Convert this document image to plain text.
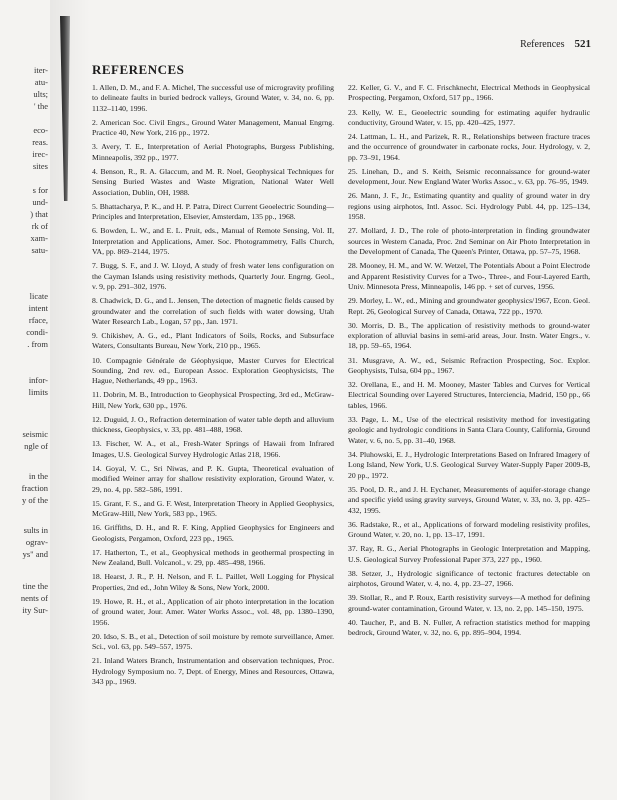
iter-
atu-
ults;
' the
eco-
reas.
irec-
sites
s for
und-
) that
rk of
xam-
satu-
licate
intent
rface,
condi-
. from
infor-
limits
seismic
ngle of
in the
fraction
y of the
sults in
ograv-
ys" and
tine the
nents of
ity Sur-
References 521
REFERENCES

1. Allen, D. M., and F. A. Michel, The successful use of microgravity profiling to delineate faults in buried bedrock valleys, Ground Water, v. 34, no. 6, pp. 1132–1140, 1996.

2. American Soc. Civil Engrs., Ground Water Management, Manual Engrng. Practice 40, New York, 216 pp., 1972.

3. Avery, T. E., Interpretation of Aerial Photographs, Burgess Publishing, Minneapolis, 392 pp., 1977.

4. Benson, R., R. A. Glaccum, and M. R. Noel, Geophysical Techniques for Sensing Buried Wastes and Waste Migration, National Water Well Association, Dublin, OH, 1988.

5. Bhattacharya, P. K., and H. P. Patra, Direct Current Geoelectric Sounding—Principles and Interpretation, Elsevier, Amsterdam, 135 pp., 1968.

6. Bowden, L. W., and E. L. Pruit, eds., Manual of Remote Sensing, Vol. II, Interpretation and Applications, Amer. Soc. Photogrammetry, Falls Church, VA, pp. 869–2144, 1975.

7. Bugg, S. F., and J. W. Lloyd, A study of fresh water lens configuration on the Cayman Islands using resistivity methods, Quarterly Jour. Engrng. Geol., v. 9, pp. 291–302, 1976.

8. Chadwick, D. G., and L. Jensen, The detection of magnetic fields caused by groundwater and the correlation of such fields with water dowsing, Utah Water Research Lab., Logan, 57 pp., Jan. 1971.

9. Chikishev, A. G., ed., Plant Indicators of Soils, Rocks, and Subsurface Waters, Consultants Bureau, New York, 210 pp., 1965.

10. Compagnie Générale de Géophysique, Master Curves for Electrical Sounding, 2nd rev. ed., European Assoc. Exploration Geophysicists, The Hague, Netherlands, 49 pp., 1963.

11. Dobrin, M. B., Introduction to Geophysical Prospecting, 3rd ed., McGraw-Hill, New York, 630 pp., 1976.

12. Duguid, J. O., Refraction determination of water table depth and alluvium thickness, Geophysics, v. 33, pp. 481–488, 1968.

13. Fischer, W. A., et al., Fresh-Water Springs of Hawaii from Infrared Images, U.S. Geological Survey Hydrologic Atlas 218, 1966.

14. Goyal, V. C., Sri Niwas, and P. K. Gupta, Theoretical evaluation of modified Weiner array for shallow resistivity exploration, Ground Water, v. 29, no. 4, pp. 582–586, 1991.

15. Grant, F. S., and G. F. West, Interpretation Theory in Applied Geophysics, McGraw-Hill, New York, 583 pp., 1965.

16. Griffiths, D. H., and R. F. King, Applied Geophysics for Engineers and Geologists, Pergamon, Oxford, 223 pp., 1965.

17. Hatherton, T., et al., Geophysical methods in geothermal prospecting in New Zealand, Bull. Volcanol., v. 29, pp. 485–498, 1966.

18. Hearst, J. R., P. H. Nelson, and F. L. Paillet, Well Logging for Physical Properties, 2nd ed., John Wiley & Sons, New York, 2000.

19. Howe, R. H., et al., Application of air photo interpretation in the location of ground water, Jour. Amer. Water Works Assoc., vol. 48, pp. 1380–1390, 1956.

20. Idso, S. B., et al., Detection of soil moisture by remote surveillance, Amer. Sci., vol. 63, pp. 549–557, 1975.

21. Inland Waters Branch, Instrumentation and observation techniques, Proc. Hydrology Symposium no. 7, Dept. of Energy, Mines and Resources, Ottawa, 343 pp., 1969.

22. Keller, G. V., and F. C. Frischknecht, Electrical Methods in Geophysical Prospecting, Pergamon, Oxford, 517 pp., 1966.

23. Kelly, W. E., Geoelectric sounding for estimating aquifer hydraulic conductivity, Ground Water, v. 15, pp. 420–425, 1977.

24. Lattman, L. H., and Parizek, R. R., Relationships between fracture traces and the occurrence of groundwater in carbonate rocks, Jour. Hydrology, v. 2, pp. 73–91, 1964.

25. Linehan, D., and S. Keith, Seismic reconnaissance for ground-water development, Jour. New England Water Works Assoc., v. 63, pp. 76–95, 1949.

26. Mann, J. F., Jr., Estimating quantity and quality of ground water in dry regions using airphotos, Intl. Assoc. Sci. Hydrology Publ. 44, pp. 125–134, 1958.

27. Mollard, J. D., The role of photo-interpretation in finding groundwater sources in Western Canada, Proc. 2nd Seminar on Air Photo Interpretation in the Development of Canada, The Queen's Printer, Ottawa, pp. 57–75, 1968.

28. Mooney, H. M., and W. W. Wetzel, The Potentials About a Point Electrode and Apparent Resistivity Curves for a Two-, Three-, and Four-Layered Earth, Univ. Minnesota Press, Minneapolis, 146 pp. + set of curves, 1956.

29. Morley, L. W., ed., Mining and groundwater geophysics/1967, Econ. Geol. Rept. 26, Geological Survey of Canada, Ottawa, 722 pp., 1970.

30. Morris, D. B., The application of resistivity methods to ground-water exploration of alluvial basins in semi-arid areas, Jour. Instn. Water Engrs., v. 18, pp. 59–65, 1964.

31. Musgrave, A. W., ed., Seismic Refraction Prospecting, Soc. Explor. Geophysists, Tulsa, 604 pp., 1967.

32. Orellana, E., and H. M. Mooney, Master Tables and Curves for Vertical Electrical Sounding over Layered Structures, Interciencia, Madrid, 150 pp., 66 tables, 1966.

33. Page, L. M., Use of the electrical resistivity method for investigating geologic and hydrologic conditions in Santa Clara County, California, Ground Water, v. 6, no. 5, pp. 31–40, 1968.

34. Pluhowski, E. J., Hydrologic Interpretations Based on Infrared Imagery of Long Island, New York, U.S. Geological Survey Water-Supply Paper 2009-B, 20 pp., 1972.

35. Pool, D. R., and J. H. Eychaner, Measurements of aquifer-storage change and specific yield using gravity surveys, Ground Water, v. 33, no. 3, pp. 425–432, 1995.

36. Radstake, R., et al., Applications of forward modeling resistivity profiles, Ground Water, v. 20, no. 1, pp. 13–17, 1991.

37. Ray, R. G., Aerial Photographs in Geologic Interpretation and Mapping, U.S. Geological Survey Professional Paper 373, 227 pp., 1960.

38. Setzer, J., Hydrologic significance of tectonic fractures detectable on airphotos, Ground Water, v. 4, no. 4, pp. 23–27, 1966.

39. Stollar, R., and P. Roux, Earth resistivity surveys—A method for defining ground-water contamination, Ground Water, v. 13, no. 2, pp. 145–150, 1975.

40. Taucher, P., and B. N. Fuller, A refraction statistics method for mapping bedrock, Ground Water, v. 32, no. 6, pp. 895–904, 1994.
